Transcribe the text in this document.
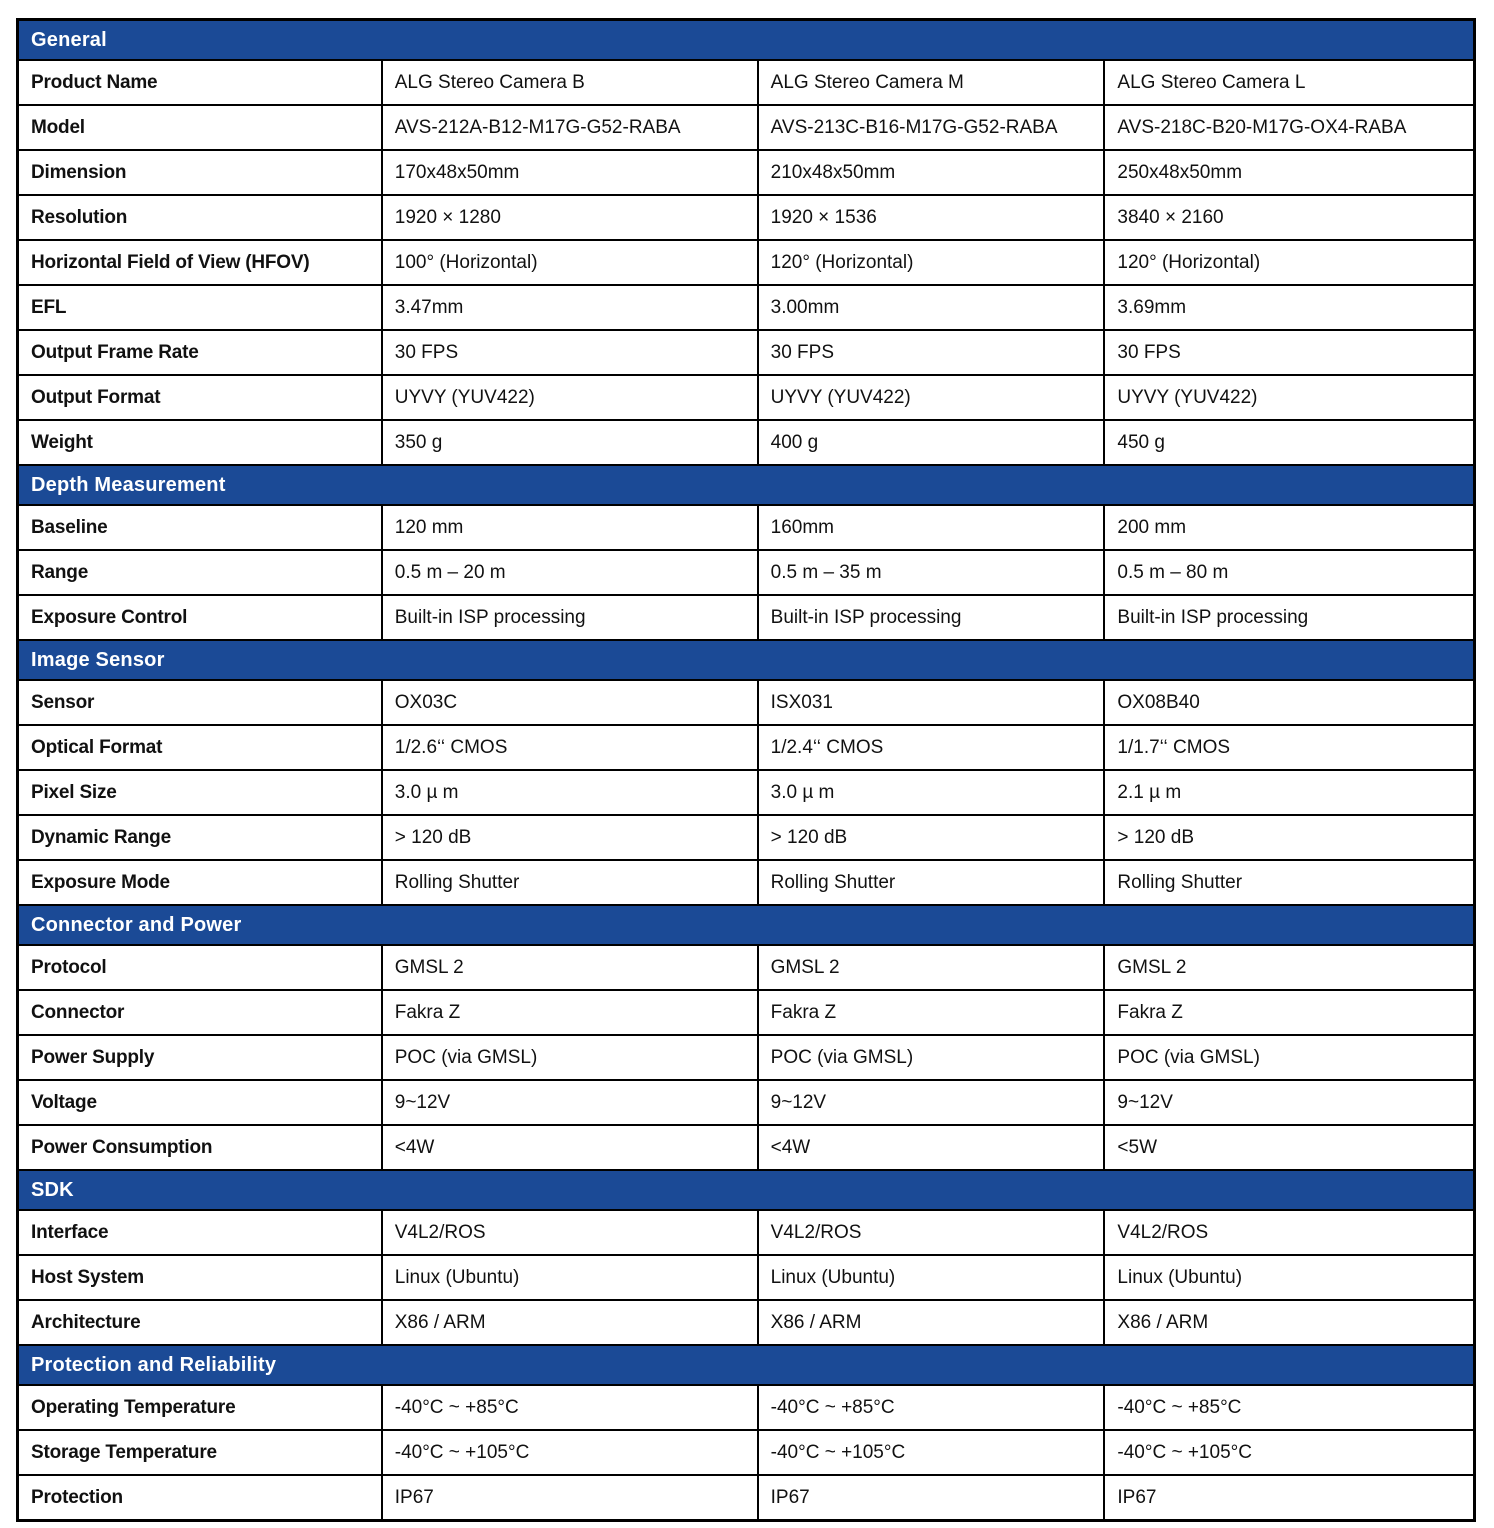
General			
Product Name	ALG Stereo Camera B	ALG Stereo Camera M	ALG Stereo Camera L
Model	AVS-212A-B12-M17G-G52-RABA	AVS-213C-B16-M17G-G52-RABA	AVS-218C-B20-M17G-OX4-RABA
Dimension	170x48x50mm	210x48x50mm	250x48x50mm
Resolution	1920 × 1280	1920 × 1536	3840 × 2160
Horizontal Field of View (HFOV)	100° (Horizontal)	120° (Horizontal)	120° (Horizontal)
EFL	3.47mm	3.00mm	3.69mm
Output Frame Rate	30 FPS	30 FPS	30 FPS
Output Format	UYVY (YUV422)	UYVY (YUV422)	UYVY (YUV422)
Weight	350 g	400 g	450 g
Depth Measurement			
Baseline	120 mm	160mm	200 mm
Range	0.5 m – 20 m	0.5 m – 35 m	0.5 m – 80 m
Exposure Control	Built-in ISP processing	Built-in ISP processing	Built-in ISP processing
Image Sensor			
Sensor	OX03C	ISX031	OX08B40
Optical Format	1/2.6‘‘ CMOS	1/2.4‘‘ CMOS	1/1.7‘‘ CMOS
Pixel Size	3.0 µ m	3.0 µ m	2.1 µ m
Dynamic Range	> 120 dB	> 120 dB	> 120 dB
Exposure Mode	Rolling Shutter	Rolling Shutter	Rolling Shutter
Connector and Power			
Protocol	GMSL 2	GMSL 2	GMSL 2
Connector	Fakra Z	Fakra Z	Fakra Z
Power Supply	POC (via GMSL)	POC (via GMSL)	POC (via GMSL)
Voltage	9~12V	9~12V	9~12V
Power Consumption	<4W	<4W	<5W
SDK			
Interface	V4L2/ROS	V4L2/ROS	V4L2/ROS
Host System	Linux (Ubuntu)	Linux (Ubuntu)	Linux (Ubuntu)
Architecture	X86 / ARM	X86 / ARM	X86 / ARM
Protection and Reliability			
Operating Temperature	-40°C ~ +85°C	-40°C ~ +85°C	-40°C ~ +85°C
Storage Temperature	-40°C ~ +105°C	-40°C ~ +105°C	-40°C ~ +105°C
Protection	IP67	IP67	IP67
